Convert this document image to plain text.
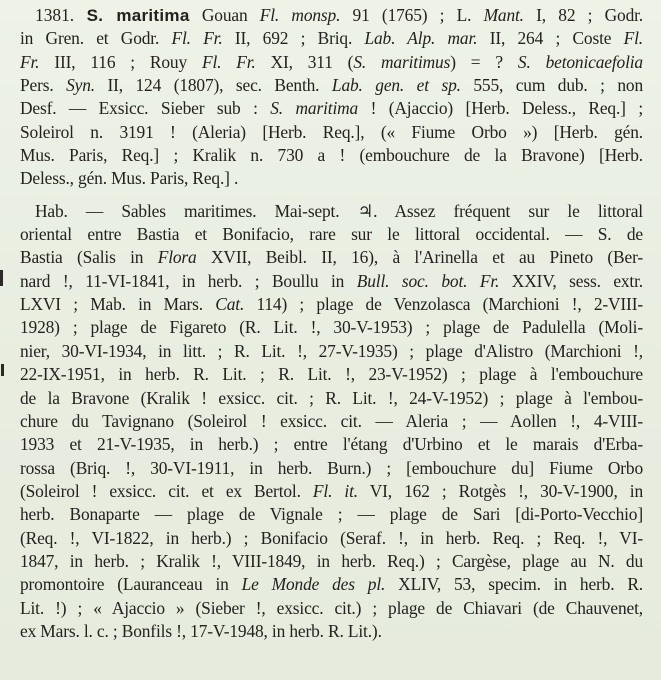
1381. S. maritima Gouan Fl. monsp. 91 (1765) ; L. Mant. I, 82 ; Godr.
in Gren. et Godr. Fl. Fr. II, 692 ; Briq. Lab. Alp. mar. II, 264 ; Coste Fl.
Fr. III, 116 ; Rouy Fl. Fr. XI, 311 (S. maritimus) = ? S. betonicaefolia
Pers. Syn. II, 124 (1807), sec. Benth. Lab. gen. et sp. 555, cum dub. ; non
Desf. — Exsicc. Sieber sub : S. maritima ! (Ajaccio) [Herb. Deless., Req.] ;
Soleirol n. 3191 ! (Aleria) [Herb. Req.], (« Fiume Orbo ») [Herb. gén.
Mus. Paris, Req.] ; Kralik n. 730 a ! (embouchure de la Bravone) [Herb.
Deless., gén. Mus. Paris, Req.] .
Hab. — Sables maritimes. Mai-sept. ♃. Assez fréquent sur le littoral
oriental entre Bastia et Bonifacio, rare sur le littoral occidental. — S. de
Bastia (Salis in Flora XVII, Beibl. II, 16), à l'Arinella et au Pineto (Ber-
nard !, 11-VI-1841, in herb. ; Boullu in Bull. soc. bot. Fr. XXIV, sess. extr.
LXVI ; Mab. in Mars. Cat. 114) ; plage de Venzolasca (Marchioni !, 2-VIII-
1928) ; plage de Figareto (R. Lit. !, 30-V-1953) ; plage de Padulella (Moli-
nier, 30-VI-1934, in litt. ; R. Lit. !, 27-V-1935) ; plage d'Alistro (Marchioni !,
22-IX-1951, in herb. R. Lit. ; R. Lit. !, 23-V-1952) ; plage à l'embouchure
de la Bravone (Kralik ! exsicc. cit. ; R. Lit. !, 24-V-1952) ; plage à l'embou-
chure du Tavignano (Soleirol ! exsicc. cit. — Aleria ; — Aollen !, 4-VIII-
1933 et 21-V-1935, in herb.) ; entre l'étang d'Urbino et le marais d'Erba-
rossa (Briq. !, 30-VI-1911, in herb. Burn.) ; [embouchure du] Fiume Orbo
(Soleirol ! exsicc. cit. et ex Bertol. Fl. it. VI, 162 ; Rotgès !, 30-V-1900, in
herb. Bonaparte — plage de Vignale ; — plage de Sari [di-Porto-Vecchio]
(Req. !, VI-1822, in herb.) ; Bonifacio (Seraf. !, in herb. Req. ; Req. !, VI-
1847, in herb. ; Kralik !, VIII-1849, in herb. Req.) ; Cargèse, plage au N. du
promontoire (Lauranceau in Le Monde des pl. XLIV, 53, specim. in herb. R.
Lit. !) ; « Ajaccio » (Sieber !, exsicc. cit.) ; plage de Chiavari (de Chauvenet,
ex Mars. l. c. ; Bonfils !, 17-V-1948, in herb. R. Lit.).
